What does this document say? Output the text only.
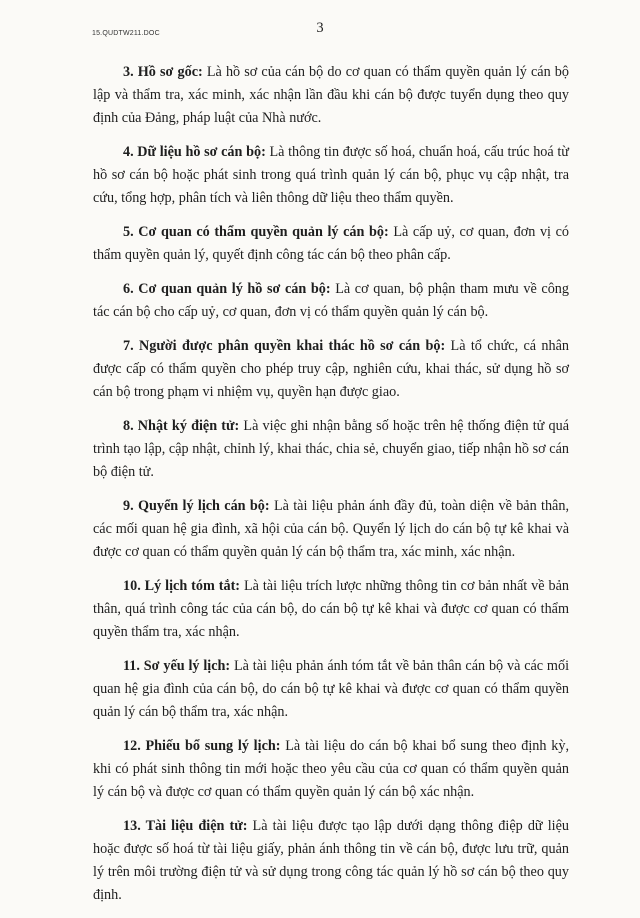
15.QUDTW211.DOC	3

3. Hồ sơ gốc: Là hồ sơ của cán bộ do cơ quan có thẩm quyền quản lý cán bộ lập và thẩm tra, xác minh, xác nhận lần đầu khi cán bộ được tuyển dụng theo quy định của Đảng, pháp luật của Nhà nước.

4. Dữ liệu hồ sơ cán bộ: Là thông tin được số hoá, chuẩn hoá, cấu trúc hoá từ hồ sơ cán bộ hoặc phát sinh trong quá trình quản lý cán bộ, phục vụ cập nhật, tra cứu, tổng hợp, phân tích và liên thông dữ liệu theo thẩm quyền.

5. Cơ quan có thẩm quyền quản lý cán bộ: Là cấp uỷ, cơ quan, đơn vị có thẩm quyền quản lý, quyết định công tác cán bộ theo phân cấp.

6. Cơ quan quản lý hồ sơ cán bộ: Là cơ quan, bộ phận tham mưu về công tác cán bộ cho cấp uỷ, cơ quan, đơn vị có thẩm quyền quản lý cán bộ.

7. Người được phân quyền khai thác hồ sơ cán bộ: Là tổ chức, cá nhân được cấp có thẩm quyền cho phép truy cập, nghiên cứu, khai thác, sử dụng hồ sơ cán bộ trong phạm vi nhiệm vụ, quyền hạn được giao.

8. Nhật ký điện tử: Là việc ghi nhận bằng số hoặc trên hệ thống điện tử quá trình tạo lập, cập nhật, chỉnh lý, khai thác, chia sẻ, chuyển giao, tiếp nhận hồ sơ cán bộ điện tử.

9. Quyển lý lịch cán bộ: Là tài liệu phản ánh đầy đủ, toàn diện về bản thân, các mối quan hệ gia đình, xã hội của cán bộ. Quyển lý lịch do cán bộ tự kê khai và được cơ quan có thẩm quyền quản lý cán bộ thẩm tra, xác minh, xác nhận.

10. Lý lịch tóm tắt: Là tài liệu trích lược những thông tin cơ bản nhất về bản thân, quá trình công tác của cán bộ, do cán bộ tự kê khai và được cơ quan có thẩm quyền thẩm tra, xác nhận.

11. Sơ yếu lý lịch: Là tài liệu phản ánh tóm tắt về bản thân cán bộ và các mối quan hệ gia đình của cán bộ, do cán bộ tự kê khai và được cơ quan có thẩm quyền quản lý cán bộ thẩm tra, xác nhận.

12. Phiếu bổ sung lý lịch: Là tài liệu do cán bộ khai bổ sung theo định kỳ, khi có phát sinh thông tin mới hoặc theo yêu cầu của cơ quan có thẩm quyền quản lý cán bộ và được cơ quan có thẩm quyền quản lý cán bộ xác nhận.

13. Tài liệu điện tử: Là tài liệu được tạo lập dưới dạng thông điệp dữ liệu hoặc được số hoá từ tài liệu giấy, phản ánh thông tin về cán bộ, được lưu trữ, quản lý trên môi trường điện tử và sử dụng trong công tác quản lý hồ sơ cán bộ theo quy định.
